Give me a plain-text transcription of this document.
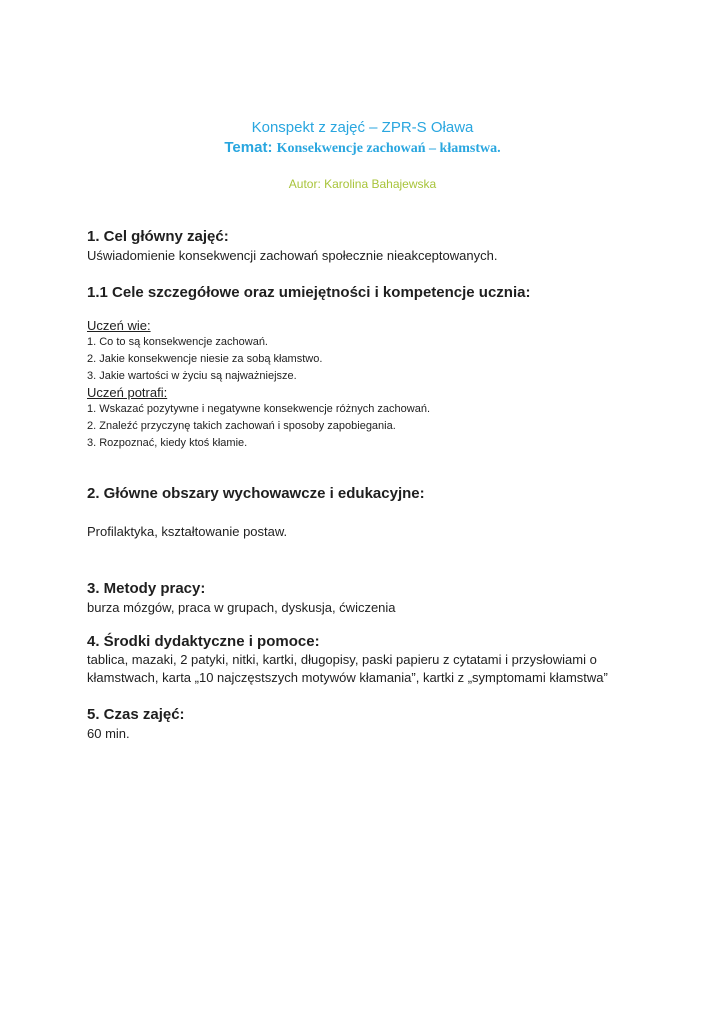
Konspekt z zajęć – ZPR-S Oława
Temat: Konsekwencje zachowań – kłamstwa.
Autor: Karolina Bahajewska
1. Cel główny zajęć:

Uświadomienie konsekwencji zachowań społecznie nieakceptowanych.

1.1 Cele szczegółowe oraz umiejętności i kompetencje ucznia:

Uczeń wie:

1. Co to są konsekwencje zachowań.

2. Jakie konsekwencje niesie za sobą kłamstwo.

3. Jakie wartości w życiu są najważniejsze.

Uczeń potrafi:

1. Wskazać pozytywne i negatywne konsekwencje różnych zachowań.

2. Znaleźć przyczynę takich zachowań i sposoby zapobiegania.

3. Rozpoznać, kiedy ktoś kłamie.

2. Główne obszary wychowawcze i edukacyjne:

Profilaktyka, kształtowanie postaw.

3. Metody pracy:

burza mózgów, praca w grupach, dyskusja, ćwiczenia

4. Środki dydaktyczne i pomoce:

tablica, mazaki, 2 patyki, nitki, kartki, długopisy, paski papieru z cytatami i przysłowiami o

kłamstwach, karta „10 najczęstszych motywów kłamania”, kartki z „symptomami kłamstwa”

5. Czas zajęć:

60 min.
